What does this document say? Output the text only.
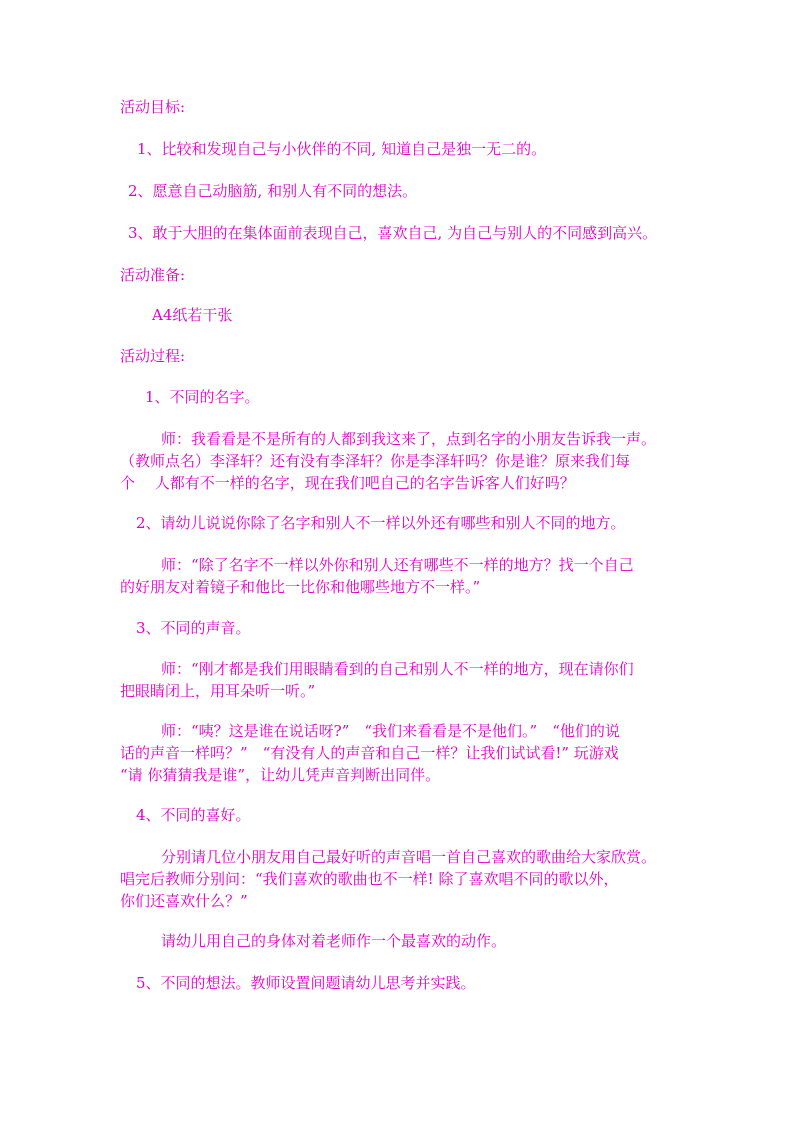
活动目标:
1、比较和发现自己与小伙伴的不同, 知道自己是独一无二的。
2、愿意自己动脑筋, 和别人有不同的想法。
3、敢于大胆的在集体面前表现自己，喜欢自己, 为自己与别人的不同感到高兴。
活动准备:
A4纸若干张
活动过程:
1、不同的名字。
师：我看看是不是所有的人都到我这来了，点到名字的小朋友告诉我一声。
（教师点名）李泽轩？还有没有李泽轩？你是李泽轩吗？你是谁？原来我们每
个　 人都有不一样的名字，现在我们吧自己的名字告诉客人们好吗？
2、请幼儿说说你除了名字和别人不一样以外还有哪些和别人不同的地方。
师：“除了名字不一样以外你和别人还有哪些不一样的地方？找一个自己
的好朋友对着镜子和他比一比你和他哪些地方不一样。”
3、不同的声音。
师：“刚才都是我们用眼睛看到的自己和别人不一样的地方，现在请你们
把眼睛闭上，用耳朵听一听。”
师：“咦？这是谁在说话呀?”　“我们来看看是不是他们。”　“他们的说
话的声音一样吗？”　“有没有人的声音和自己一样？让我们试试看!” 玩游戏
“请 你猜猜我是谁”，让幼儿凭声音判断出同伴。
4、不同的喜好。
分别请几位小朋友用自己最好听的声音唱一首自己喜欢的歌曲给大家欣赏。
唱完后教师分别问：“我们喜欢的歌曲也不一样! 除了喜欢唱不同的歌以外，
你们还喜欢什么？”
请幼儿用自己的身体对着老师作一个最喜欢的动作。
5、不同的想法。教师设置间题请幼儿思考并实践。
